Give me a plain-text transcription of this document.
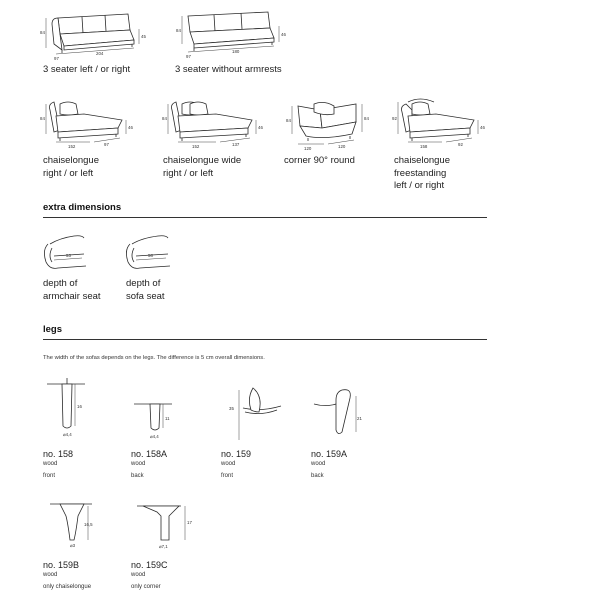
84
45
97
204
84
46
97
180
84
46
152	97
84
46
152	137
84	84
120	120
92
46
158	92
3 seater left / or right	3 seater without armrests
chaiselongue
right / or left
chaiselongue wide
right / or left
corner 90° round	chaiselongue
freestanding
left / or right
extra dimensions
53	58
depth of
armchair seat
depth of
sofa seat
legs
The width of the sofas depends on the legs. The difference is 5 cm overall dimensions.
16
⌀4,4
11
⌀4,4
35
21
16,5
⌀3
17
⌀7,1
no. 158
wood
front
no. 158A
wood
back
no. 159
wood
front
no. 159A
wood
back
no. 159B
wood
only chaiselongue
no. 159C
wood
only corner
